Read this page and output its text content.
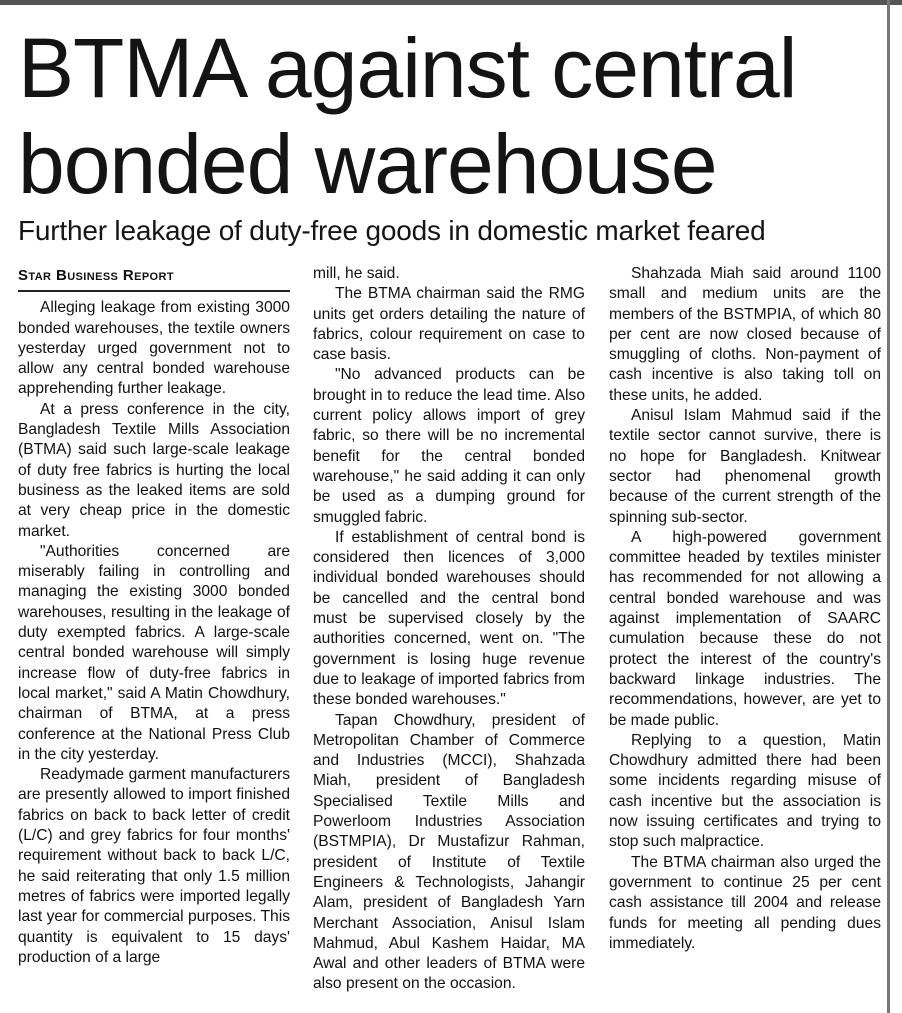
BTMA against central bonded warehouse
Further leakage of duty-free goods in domestic market feared
Star Business Report

Alleging leakage from existing 3000 bonded warehouses, the textile owners yesterday urged government not to allow any central bonded warehouse apprehending further leakage.

At a press conference in the city, Bangladesh Textile Mills Association (BTMA) said such large-scale leakage of duty free fabrics is hurting the local business as the leaked items are sold at very cheap price in the domestic market.

"Authorities concerned are miserably failing in controlling and managing the existing 3000 bonded warehouses, resulting in the leakage of duty exempted fabrics. A large-scale central bonded warehouse will simply increase flow of duty-free fabrics in local market," said A Matin Chowdhury, chairman of BTMA, at a press conference at the National Press Club in the city yesterday.

Readymade garment manufacturers are presently allowed to import finished fabrics on back to back letter of credit (L/C) and grey fabrics for four months' requirement without back to back L/C, he said reiterating that only 1.5 million metres of fabrics were imported legally last year for commercial purposes. This quantity is equivalent to 15 days' production of a large

mill, he said.

The BTMA chairman said the RMG units get orders detailing the nature of fabrics, colour requirement on case to case basis.

"No advanced products can be brought in to reduce the lead time. Also current policy allows import of grey fabric, so there will be no incremental benefit for the central bonded warehouse," he said adding it can only be used as a dumping ground for smuggled fabric.

If establishment of central bond is considered then licences of 3,000 individual bonded warehouses should be cancelled and the central bond must be supervised closely by the authorities concerned, went on. "The government is losing huge revenue due to leakage of imported fabrics from these bonded warehouses."

Tapan Chowdhury, president of Metropolitan Chamber of Commerce and Industries (MCCI), Shahzada Miah, president of Bangladesh Specialised Textile Mills and Powerloom Industries Association (BSTMPIA), Dr Mustafizur Rahman, president of Institute of Textile Engineers & Technologists, Jahangir Alam, president of Bangladesh Yarn Merchant Association, Anisul Islam Mahmud, Abul Kashem Haidar, MA Awal and other leaders of BTMA were also present on the occasion.

Shahzada Miah said around 1100 small and medium units are the members of the BSTMPIA, of which 80 per cent are now closed because of smuggling of cloths. Non-payment of cash incentive is also taking toll on these units, he added.

Anisul Islam Mahmud said if the textile sector cannot survive, there is no hope for Bangladesh. Knitwear sector had phenomenal growth because of the current strength of the spinning sub-sector.

A high-powered government committee headed by textiles minister has recommended for not allowing a central bonded warehouse and was against implementation of SAARC cumulation because these do not protect the interest of the country's backward linkage industries. The recommendations, however, are yet to be made public.

Replying to a question, Matin Chowdhury admitted there had been some incidents regarding misuse of cash incentive but the association is now issuing certificates and trying to stop such malpractice.

The BTMA chairman also urged the government to continue 25 per cent cash assistance till 2004 and release funds for meeting all pending dues immediately.
